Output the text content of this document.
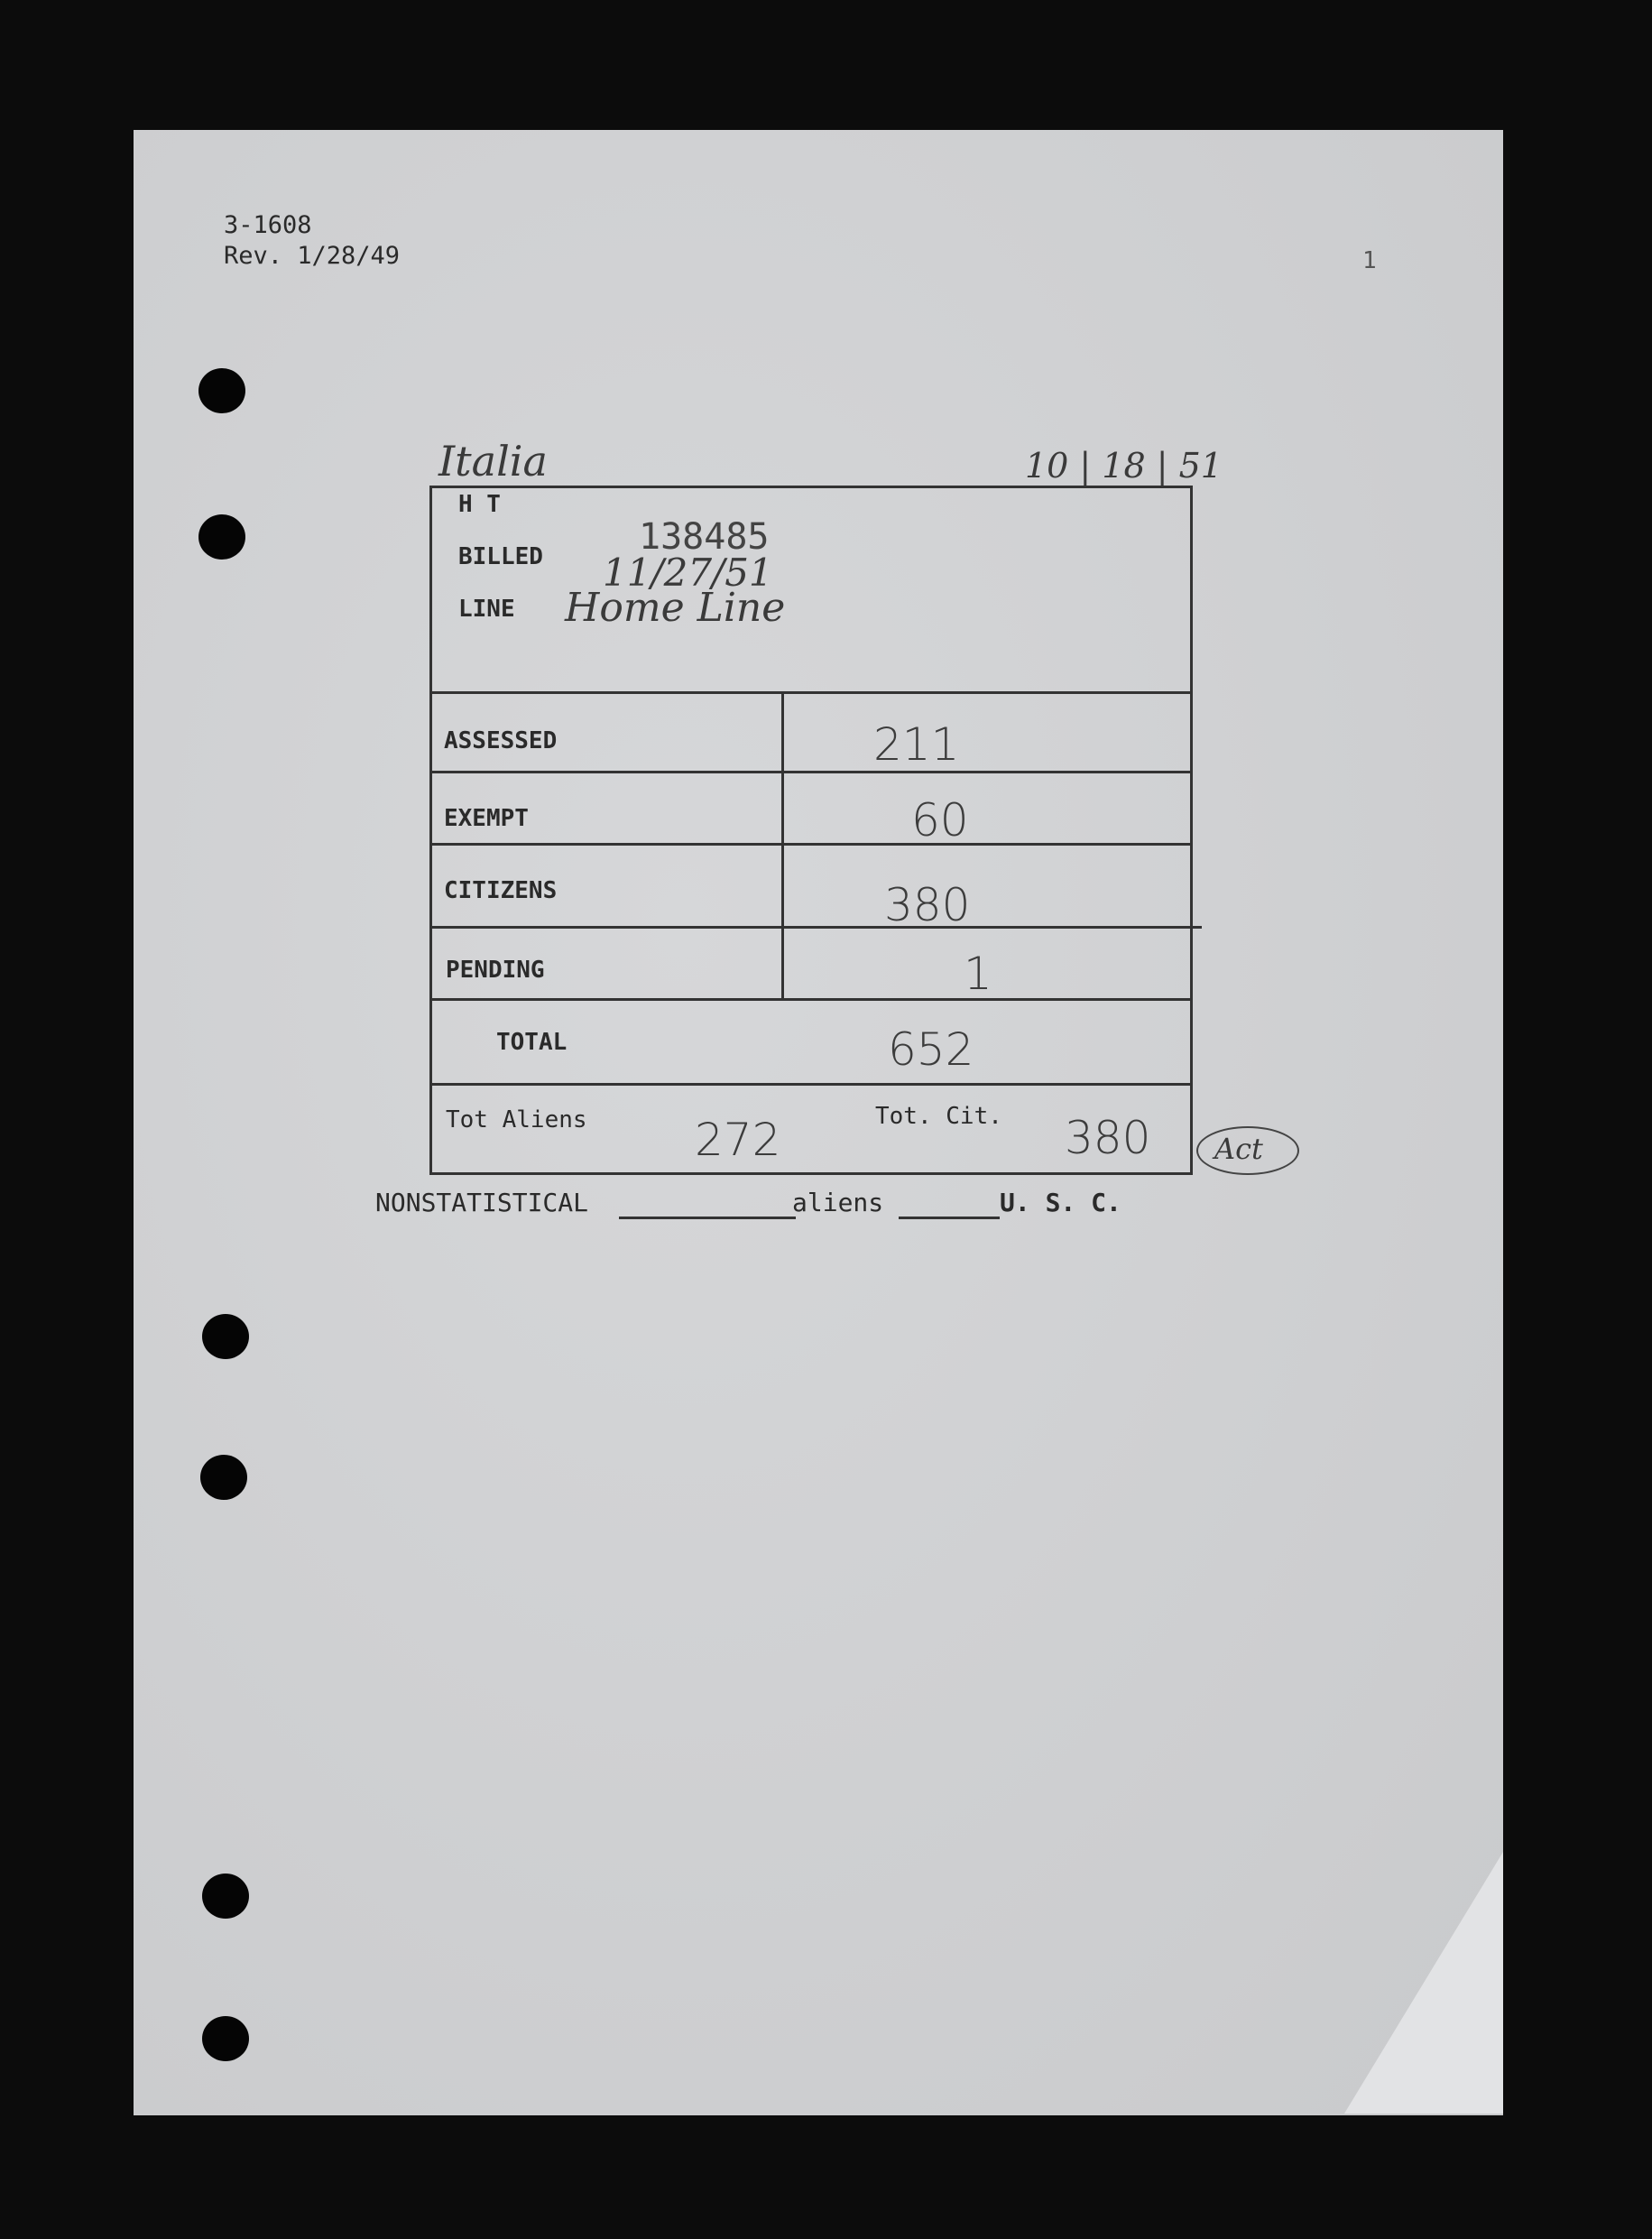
3-1608
Rev. 1/28/49	1
Italia	10 | 18 | 51
H T
BILLED	138485
11/27/51
LINE Home Line
ASSESSED	211
EXEMPT	60
CITIZENS	380
PENDING	1
TOTAL	652
Tot Aliens 272	Tot. Cit. 380 Act
NONSTATISTICAL	aliens	U. S. C.
